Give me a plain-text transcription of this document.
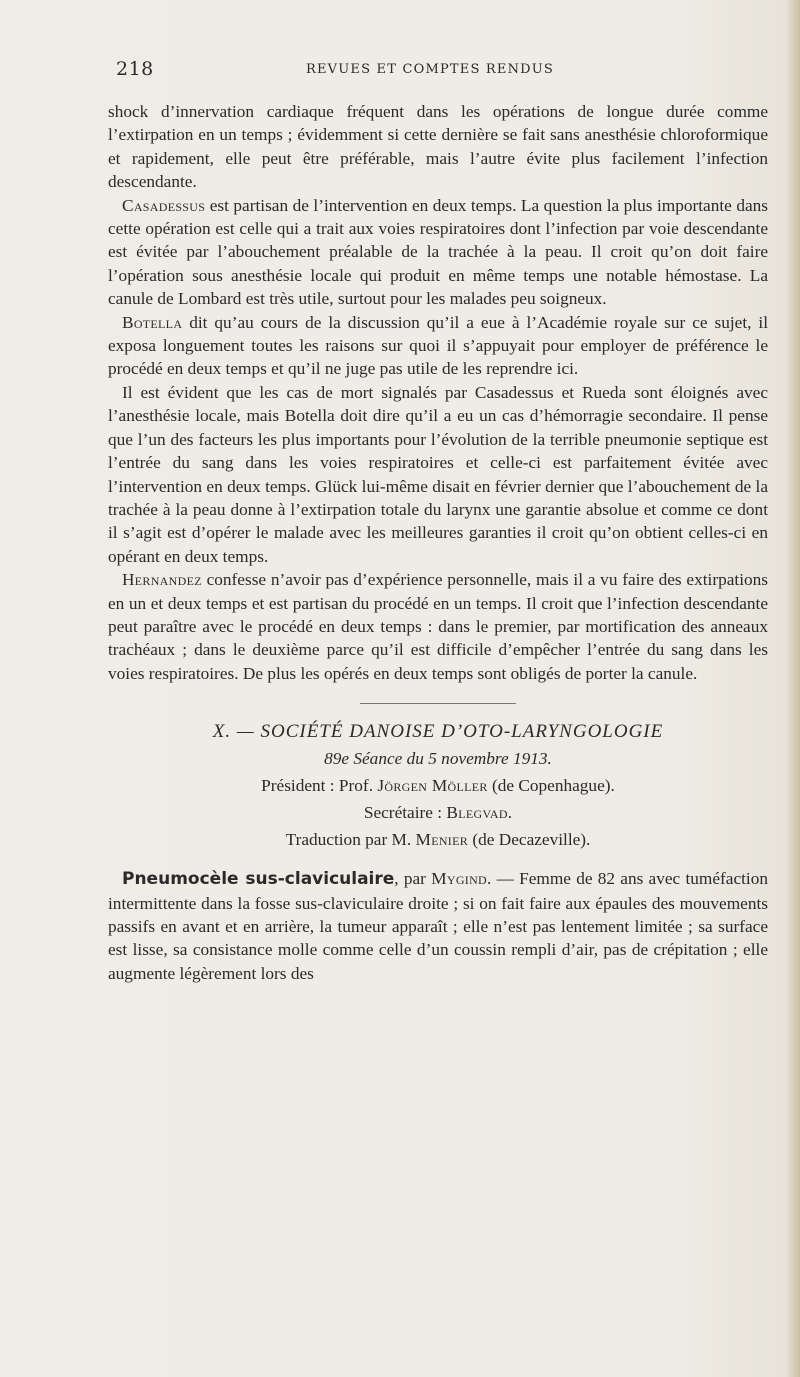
218	REVUES ET COMPTES RENDUS

shock d’innervation cardiaque fréquent dans les opérations de longue durée comme l’extirpation en un temps ; évidemment si cette dernière se fait sans anesthésie chloroformique et rapidement, elle peut être préférable, mais l’autre évite plus facilement l’infection descendante.

Casadessus est partisan de l’intervention en deux temps. La question la plus importante dans cette opération est celle qui a trait aux voies respiratoires dont l’infection par voie descendante est évitée par l’abouchement préalable de la trachée à la peau. Il croit qu’on doit faire l’opération sous anesthésie locale qui produit en même temps une notable hémostase. La canule de Lombard est très utile, surtout pour les malades peu soigneux.

Botella dit qu’au cours de la discussion qu’il a eue à l’Académie royale sur ce sujet, il exposa longuement toutes les raisons sur quoi il s’appuyait pour employer de préférence le procédé en deux temps et qu’il ne juge pas utile de les reprendre ici.

Il est évident que les cas de mort signalés par Casadessus et Rueda sont éloignés avec l’anesthésie locale, mais Botella doit dire qu’il a eu un cas d’hémorragie secondaire. Il pense que l’un des facteurs les plus importants pour l’évolution de la terrible pneumonie septique est l’entrée du sang dans les voies respiratoires et celle-ci est parfaitement évitée avec l’intervention en deux temps. Glück lui-même disait en février dernier que l’abouchement de la trachée à la peau donne à l’extirpation totale du larynx une garantie absolue et comme ce dont il s’agit est d’opérer le malade avec les meilleures garanties il croit qu’on obtient celles-ci en opérant en deux temps.

Hernandez confesse n’avoir pas d’expérience personnelle, mais il a vu faire des extirpations en un et deux temps et est partisan du procédé en un temps. Il croit que l’infection descendante peut paraître avec le procédé en deux temps : dans le premier, par mortification des anneaux trachéaux ; dans le deuxième parce qu’il est difficile d’empêcher l’entrée du sang dans les voies respiratoires. De plus les opérés en deux temps sont obligés de porter la canule.

X. — SOCIÉTÉ DANOISE D’OTO-LARYNGOLOGIE
89e Séance du 5 novembre 1913.
Président : Prof. Jörgen Möller (de Copenhague).
Secrétaire : Blegvad.
Traduction par M. Menier (de Decazeville).

Pneumocèle sus-claviculaire, par Mygind. — Femme de 82 ans avec tuméfaction intermittente dans la fosse sus-claviculaire droite ; si on fait faire aux épaules des mouvements passifs en avant et en arrière, la tumeur apparaît ; elle n’est pas lentement limitée ; sa surface est lisse, sa consistance molle comme celle d’un coussin rempli d’air, pas de crépitation ; elle augmente légèrement lors des
